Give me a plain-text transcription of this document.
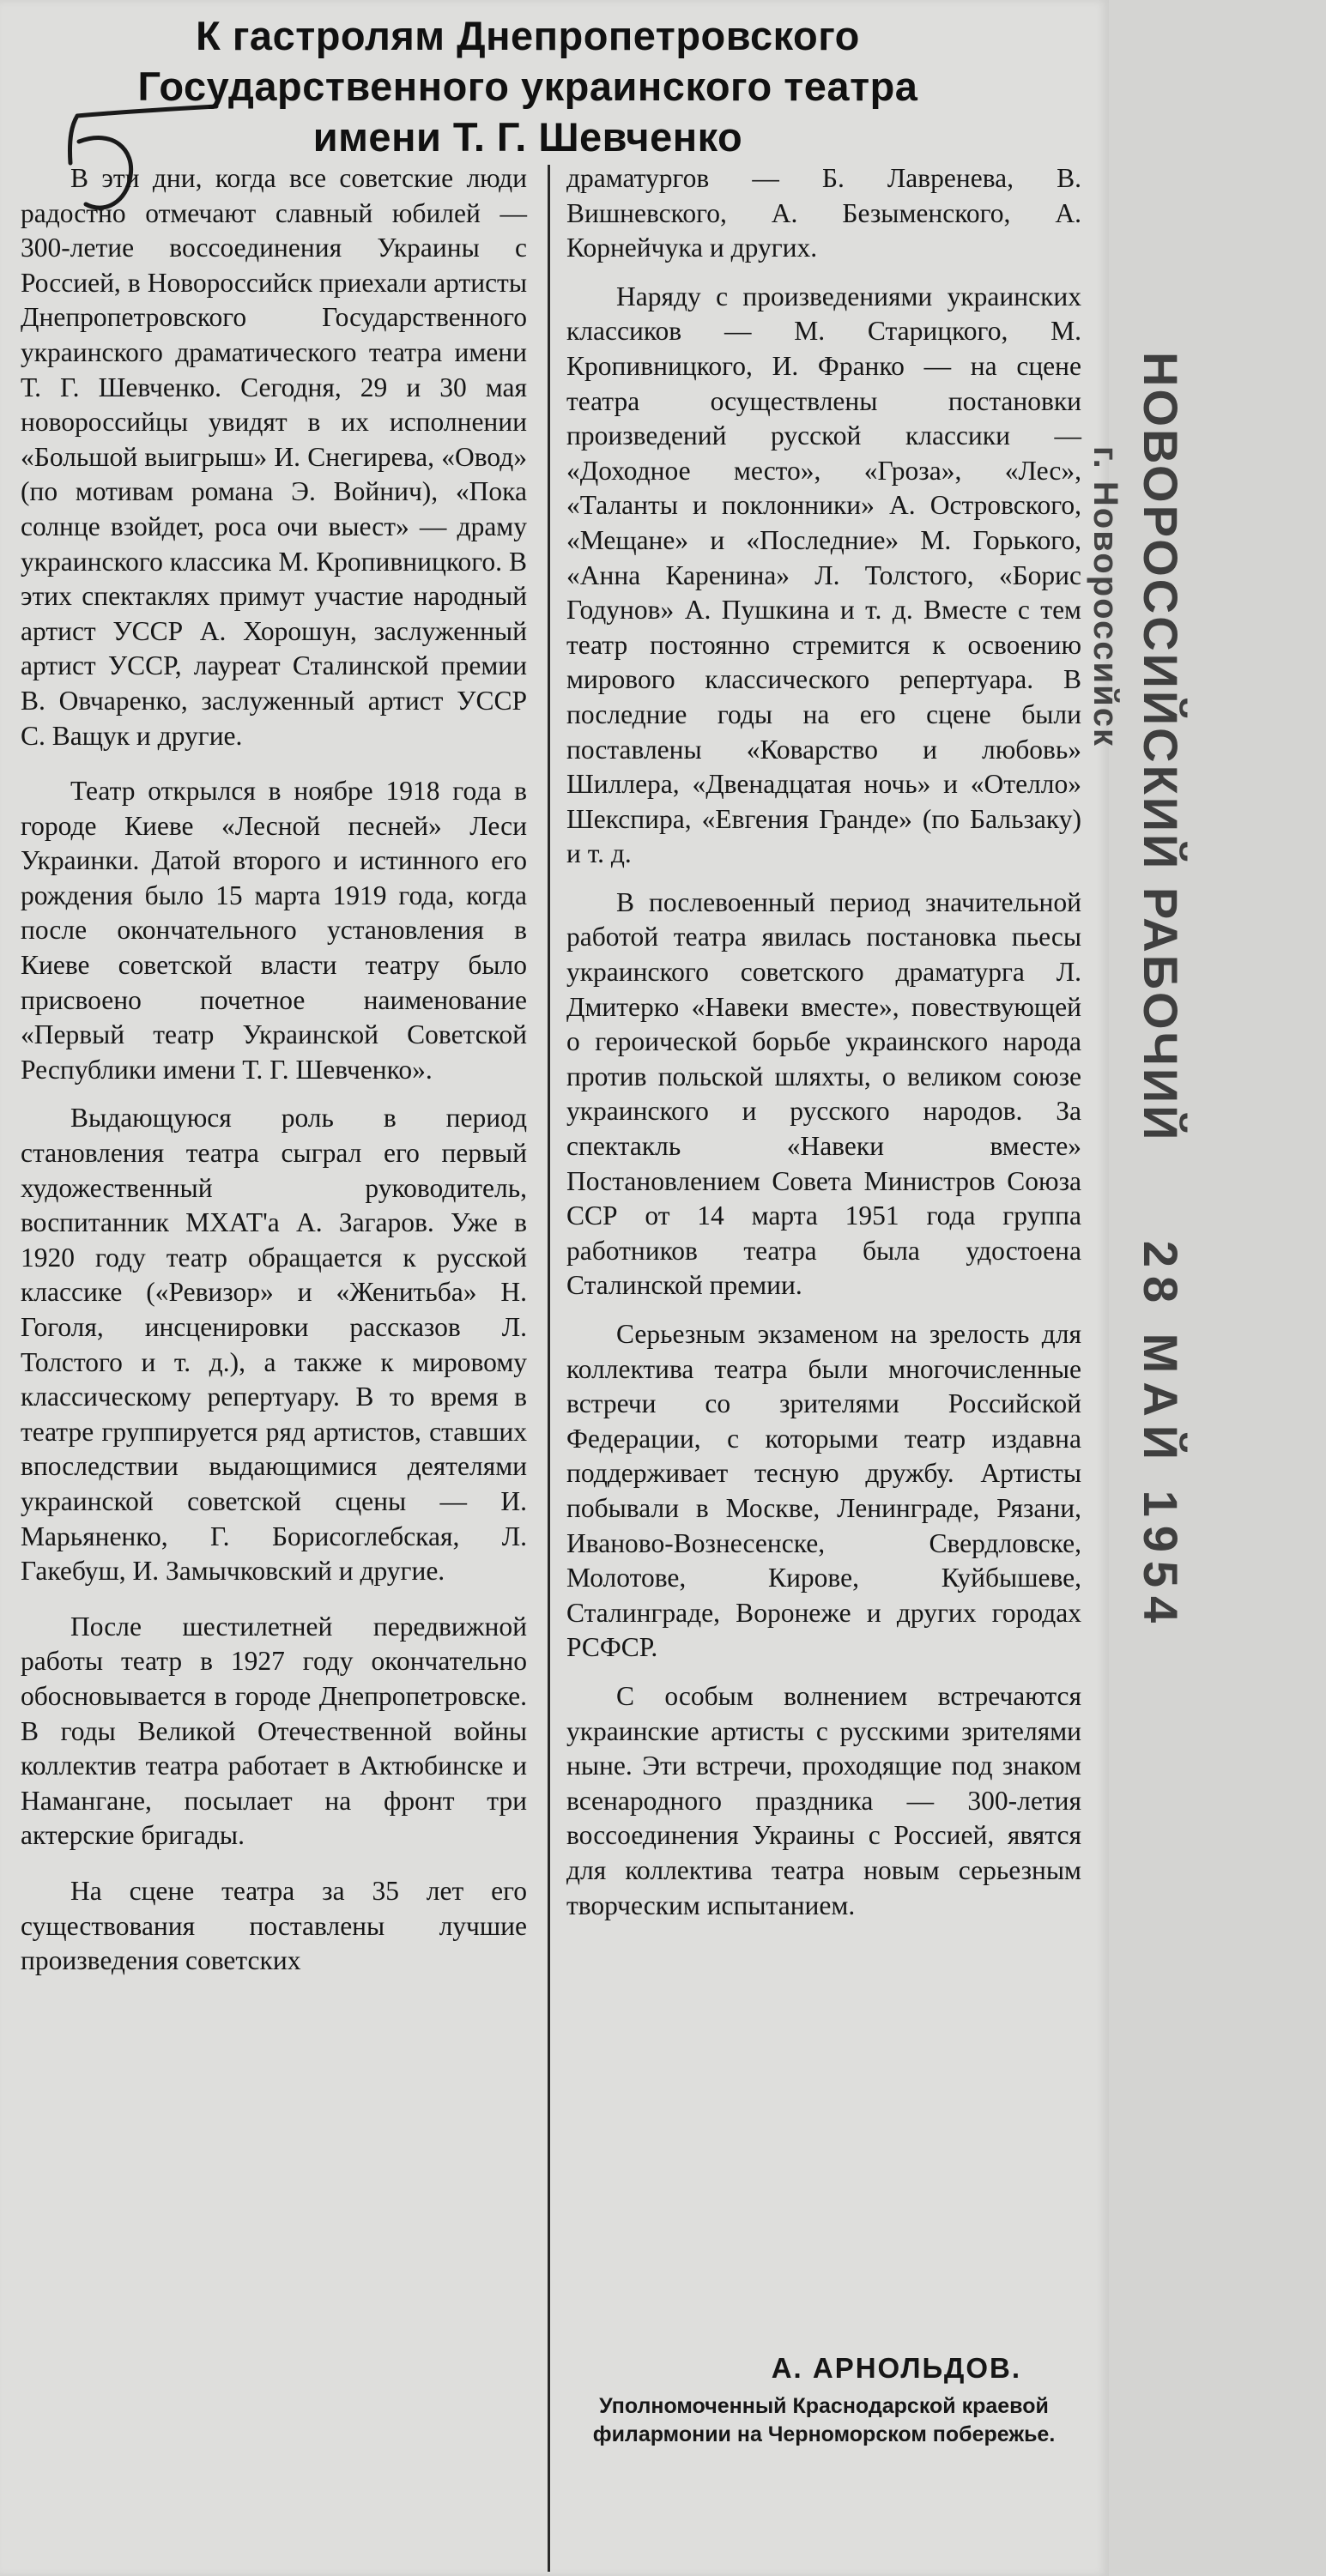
К гастролям Днепропетровского
Государственного украинского театра
имени Т. Г. Шевченко

В эти дни, когда все советские люди радостно отмечают славный юбилей — 300-летие воссоединения Украины с Россией, в Новороссийск приехали артисты Днепропетровского Государственного украинского драматического театра имени Т. Г. Шевченко. Сегодня, 29 и 30 мая новороссийцы увидят в их исполнении «Большой выигрыш» И. Снегирева, «Овод» (по мотивам романа Э. Войнич), «Пока солнце взойдет, роса очи выест» — драму украинского классика М. Кропивницкого. В этих спектаклях примут участие народный артист УССР А. Хорошун, заслуженный артист УССР, лауреат Сталинской премии В. Овчаренко, заслуженный артист УССР С. Ващук и другие.

Театр открылся в ноябре 1918 года в городе Киеве «Лесной песней» Леси Украинки. Датой второго и истинного его рождения было 15 марта 1919 года, когда после окончательного установления в Киеве советской власти театру было присвоено почетное наименование «Первый театр Украинской Советской Республики имени Т. Г. Шевченко».

Выдающуюся роль в период становления театра сыграл его первый художественный руководитель, воспитанник МХАТ'а А. Загаров. Уже в 1920 году театр обращается к русской классике («Ревизор» и «Женитьба» Н. Гоголя, инсценировки рассказов Л. Толстого и т. д.), а также к мировому классическому репертуару. В то время в театре группируется ряд артистов, ставших впоследствии выдающимися деятелями украинской советской сцены — И. Марьяненко, Г. Борисоглебская, Л. Гакебуш, И. Замычковский и другие.

После шестилетней передвижной работы театр в 1927 году окончательно обосновывается в городе Днепропетровске. В годы Великой Отечественной войны коллектив театра работает в Актюбинске и Намангане, посылает на фронт три актерские бригады.

На сцене театра за 35 лет его существования поставлены лучшие произведения советских

драматургов — Б. Лавренева, В. Вишневского, А. Безыменского, А. Корнейчука и других.

Наряду с произведениями украинских классиков — М. Старицкого, М. Кропивницкого, И. Франко — на сцене театра осуществлены постановки произведений русской классики — «Доходное место», «Гроза», «Лес», «Таланты и поклонники» А. Островского, «Мещане» и «Последние» М. Горького, «Анна Каренина» Л. Толстого, «Борис Годунов» А. Пушкина и т. д. Вместе с тем театр постоянно стремится к освоению мирового классического репертуара. В последние годы на его сцене были поставлены «Коварство и любовь» Шиллера, «Двенадцатая ночь» и «Отелло» Шекспира, «Евгения Гранде» (по Бальзаку) и т. д.

В послевоенный период значительной работой театра явилась постановка пьесы украинского советского драматурга Л. Дмитерко «Навеки вместе», повествующей о героической борьбе украинского народа против польской шляхты, о великом союзе украинского и русского народов. За спектакль «Навеки вместе» Постановлением Совета Министров Союза ССР от 14 марта 1951 года группа работников театра была удостоена Сталинской премии.

Серьезным экзаменом на зрелость для коллектива театра были многочисленные встречи со зрителями Российской Федерации, с которыми театр издавна поддерживает тесную дружбу. Артисты побывали в Москве, Ленинграде, Рязани, Иваново-Вознесенске, Свердловске, Молотове, Кирове, Куйбышеве, Сталинграде, Воронеже и других городах РСФСР.

С особым волнением встречаются украинские артисты с русскими зрителями ныне. Эти встречи, проходящие под знаком всенародного праздника — 300-летия воссоединения Украины с Россией, явятся для коллектива театра новым серьезным творческим испытанием.

А. АРНОЛЬДОВ.
Уполномоченный Краснодарской краевой филармонии на Черноморском побережье.
НОВОРОССИЙСКИЙ РАБОЧИЙ 28 МАЙ 1954
г. Новороссийск
